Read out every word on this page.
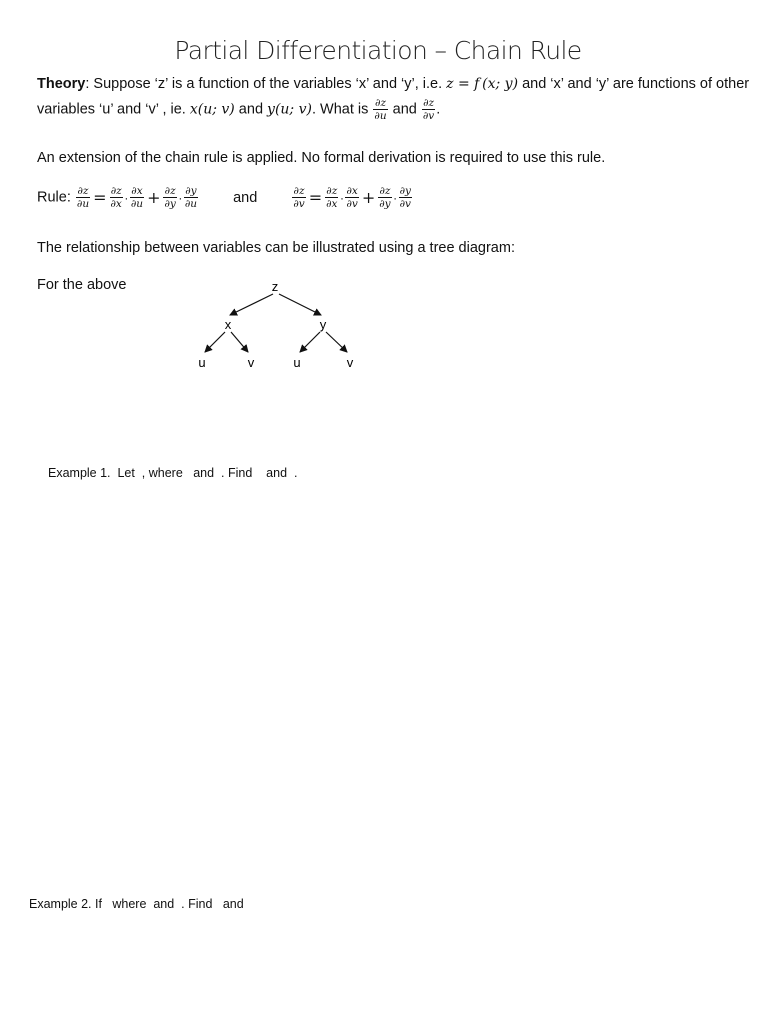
Partial Differentiation – Chain Rule
Theory: Suppose ‘z’ is a function of the variables ‘x’ and ‘y’, i.e. z = f (x; y) and ‘x’ and ‘y’ are functions of other
variables ‘u’ and ‘v’ , ie. x(u; v) and y(u; v). What is $\frac{\partial z}{\partial u}$ and $\frac{\partial z}{\partial v}$ .
An extension of the chain rule is applied. No formal derivation is required to use this rule.
Rule: $\frac{\partial z}{\partial u} = \frac{\partial z}{\partial x} \cdot \frac{\partial x}{\partial u} + \frac{\partial z}{\partial y} \cdot \frac{\partial y}{\partial u}$ and	$\frac{\partial z}{\partial v} = \frac{\partial z}{\partial x} \cdot \frac{\partial x}{\partial v} + \frac{\partial z}{\partial y} \cdot \frac{\partial y}{\partial v}$
The relationship between variables can be illustrated using a tree diagram:
For the above	z
x	y
u	v	u	v
Example 1.  Let  , where   and  . Find    and  .
Example 2. If   where  and  . Find   and
